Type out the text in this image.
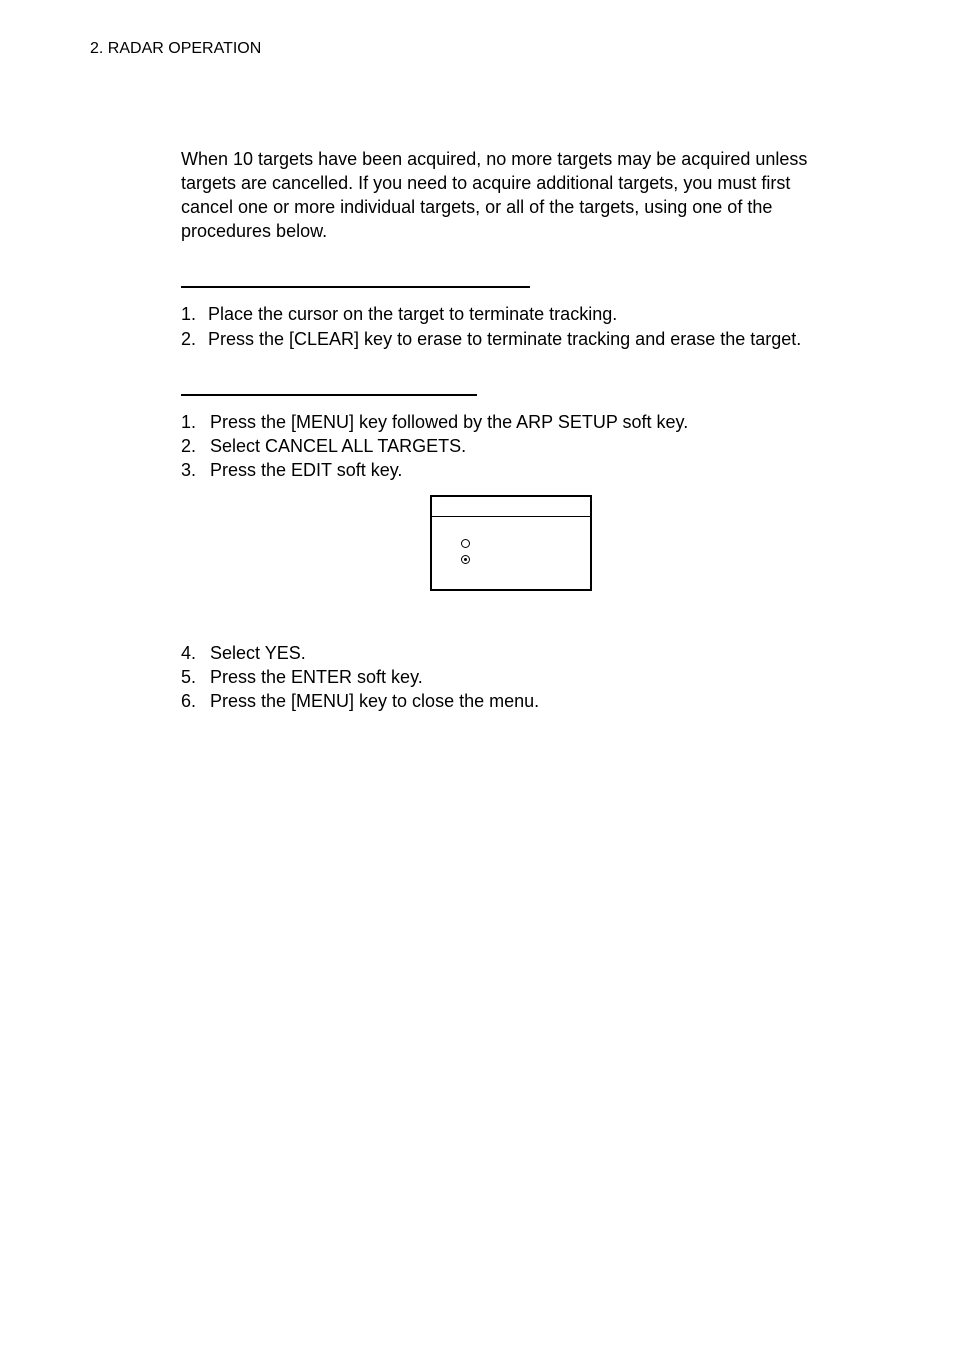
2. RADAR OPERATION

When 10 targets have been acquired, no more targets may be acquired unless targets are cancelled. If you need to acquire additional targets, you must first cancel one or more individual targets, or all of the targets, using one of the procedures below.

1. Place the cursor on the target to terminate tracking.
2. Press the [CLEAR] key to erase to terminate tracking and erase the target.
1. Press the [MENU] key followed by the ARP SETUP soft key.
2. Select CANCEL ALL TARGETS.
3. Press the EDIT soft key.
4. Select YES.
5. Press the ENTER soft key.
6. Press the [MENU] key to close the menu.
